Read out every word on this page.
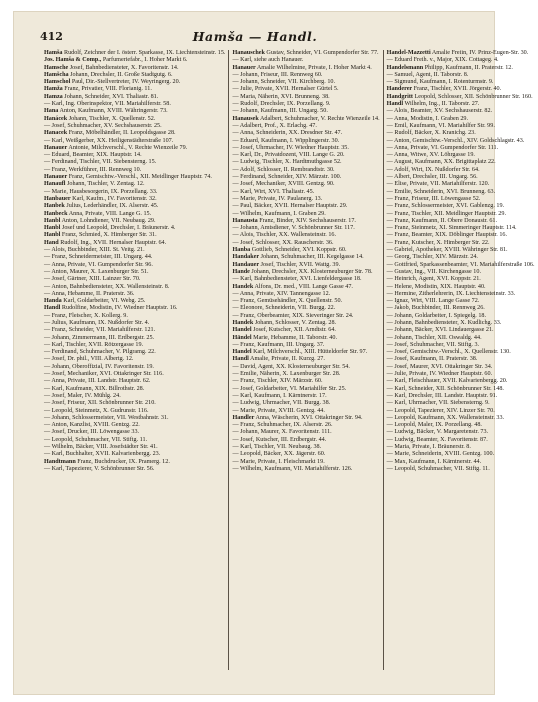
412	Hamša — Handl.

Hamša Rudolf, Zeichner der I. österr. Sparkasse, IX. Liechtensteinstr. 15.

Jos. Hamša & Comp., Parfumeriefabr., I. Hoher Markt 6.

Hamsche Josef, Bahnbediensteter, X. Favoritenstr. 14.

Hamšcha Johann, Drechsler, II. Große Stadtgutg. 6.

Hamschol Paul, Dir.-Stellvertreter, IV. Weyringerg. 20.

Hamža Franz, Privatier, VIII. Florianig. 11.

Hamza Johann, Schneider, XVI. Thaliastr. 81.

— Karl, Ing. Oberinspektor, VII. Mariahilferstr. 58.

Hana Anton, Kaufmann, XVIII. Währingerstr. 73.

Hanácek Johann, Tischler, X. Quellenstr. 52.

— Josef, Schuhmacher, XV. Sechshauserstr. 25.

Hanacek Franz, Möbelhändler, II. Leopoldsgasse 28.

— Karl, Weißgerber, XX. Heiligenstädterstraße 107.

Hanauer Antonie, Milchverschl., V. Rechte Wienzeile 79.

— Eduard, Beamter, XIX. Hauptstr. 14.

— Ferdinand, Tischler, VII. Siebensterng. 15.

— Franz, Werkführer, III. Rennweg 10.

Hanauer Franz, Gemischtw.-Verschl., XII. Meidlinger Hauptstr. 74.

Hanaufl Johann, Tischler, V. Zentag. 12.

— Marie, Hausbesorgerin, IX. Porzellang. 33.

Hanbauer Karl, Kaufm., IV. Favoritenstr. 32.

Hanbek Julius, Lederhändler, IX. Alserstr. 45.

Hanbeck Anna, Private, VIII. Lange G. 15.

Hanbl Anton, Lohndiener, VII. Neubaug. 29.

Hanbl Josef und Leopold, Drechsler, I. Bräunerstr. 4.

Hanbl Franz, Schmied, X. Himberger Str. 31.

Hand Rudolf, Ing., XVII. Hernalser Hauptstr. 64.

— Alois, Buchbinder, XIII. St. Veitg. 21.

— Franz, Schneidermeister, III. Ungarg. 44.

— Anna, Private, VI. Gumpendorfer Str. 96.

— Anton, Maurer, X. Laxenburger Str. 51.

— Josef, Gärtner, XIII. Lainzer Str. 70.

— Anton, Bahnbediensteter, XX. Wallensteinstr. 8.

— Anna, Hebamme, II. Praterstr. 36.

Handa Karl, Goldarbeiter, VI. Webg. 25.

Handl Rudolfine, Modistin, IV. Wiedner Hauptstr. 16.

— Franz, Fleischer, X. Kollerg. 9.

— Julius, Kaufmann, IX. Nußdorfer Str. 4.

— Franz, Schneider, VII. Mariahilferstr. 121.

— Johann, Zimmermann, III. Erdbergstr. 25.

— Karl, Tischler, XVII. Rötzergasse 19.

— Ferdinand, Schuhmacher, V. Pilgramg. 22.

— Josef, Dr. phil., VIII. Albertg. 12.

— Johann, Oberoffizial, IV. Favoritenstr. 19.

— Josef, Mechaniker, XVI. Ottakringer Str. 116.

— Anna, Private, III. Landstr. Hauptstr. 62.

— Karl, Kaufmann, XIX. Billrothstr. 28.

— Josef, Maler, IV. Mühlg. 24.

— Josef, Friseur, XII. Schönbrunner Str. 210.

— Leopold, Steinmetz, X. Gudrunstr. 116.

— Johann, Schlossermeister, VII. Westbahnstr. 31.

— Anton, Kanzlist, XVIII. Gentzg. 22.

— Josef, Drucker, III. Löwengasse 33.

— Leopold, Schuhmacher, VII. Stiftg. 11.

— Wilhelm, Bäcker, VIII. Josefstädter Str. 41.

— Karl, Buchhalter, XVII. Kalvarienbergg. 23.

Handtmann Franz, Buchdrucker, IX. Pramerg. 12.

— Karl, Tapezierer, V. Schönbrunner Str. 56.

Hanauschek Gustav, Schneider, VI. Gumpendorfer Str. 77.

— Karl, siehe auch Hanauer.

Hanauer Amalie Wilhelmine, Private, I. Hoher Markt 4.

— Johann, Friseur, III. Rennweg 60.

— Johann, Schneider, VII. Kirchberg. 10.

— Julie, Private, XVII. Hernalser Gürtel 5.

— Maria, Näherin, XVI. Brunneng. 38.

— Rudolf, Drechsler, IX. Porzellang. 9.

— Johann, Kaufmann, III. Ungarg. 50.

Hanausek Adalbert, Schuhmacher, V. Rechte Wienzeile 14.

— Adalbert, Prof., X. Erlachg. 47.

— Anna, Schneiderin, XX. Dresdner Str. 47.

— Eduard, Kaufmann, I. Wipplingerstr. 30.

— Josef, Uhrmacher, IV. Wiedner Hauptstr. 35.

— Karl, Dr., Privatdozent, VIII. Lange G. 20.

— Ludwig, Tischler, X. Hardtmuthgasse 52.

— Adolf, Schlosser, II. Rembrandtstr. 30.

— Ferdinand, Schneider, XIV. Märzstr. 100.

— Josef, Mechaniker, XVIII. Gentzg. 90.

— Karl, Wirt, XVI. Thaliastr. 45.

— Marie, Private, IV. Paulanerg. 13.

— Paul, Bäcker, XVII. Hernalser Hauptstr. 29.

— Wilhelm, Kaufmann, I. Graben 29.

Hanausta Franz, Binder, XIV. Sechshauserstr. 17.

— Johann, Amtsdiener, V. Schönbrunner Str. 117.

— Alois, Tischler, XX. Wallensteinstr. 16.

— Josef, Schlosser, XX. Rauscherstr. 36.

Hanba Gottlieb, Schneider, XVI. Koppstr. 60.

Handaker Johann, Schuhmacher, III. Kegelgasse 14.

Handauer Josef, Tischler, XVII. Wattg. 39.

Hande Johann, Drechsler, XX. Klosterneuburger Str. 78.

— Karl, Bahnbediensteter, XVI. Lienfeldergasse 18.

Handek Alfons, Dr. med., VIII. Lange Gasse 47.

— Anna, Private, XIV. Tannengasse 12.

— Franz, Gemüsehändler, X. Quellenstr. 50.

— Eleonore, Schneiderin, VII. Burgg. 22.

— Franz, Oberbeamter, XIX. Sieveringer Str. 24.

Handek Johann, Schlosser, V. Zentag. 28.

Handel Josef, Kutscher, XII. Arndtstr. 64.

Händel Marie, Hebamme, II. Taborstr. 40.

— Franz, Kaufmann, III. Ungarg. 37.

Handel Karl, Milchverschl., XIII. Hütteldorfer Str. 97.

Handl Amalie, Private, II. Kurzg. 27.

— David, Agent, XX. Klosterneuburger Str. 54.

— Emilie, Näherin, X. Laxenburger Str. 28.

— Franz, Tischler, XIV. Märzstr. 60.

— Josef, Goldarbeiter, VI. Mariahilfer Str. 25.

— Karl, Kaufmann, I. Kärntnerstr. 17.

— Ludwig, Uhrmacher, VII. Burgg. 38.

— Marie, Private, XVIII. Gentzg. 44.

Handler Anna, Wäscherin, XVI. Ottakringer Str. 94.

— Franz, Schuhmacher, IX. Alserstr. 26.

— Johann, Maurer, X. Favoritenstr. 111.

— Josef, Kutscher, III. Erdbergstr. 44.

— Karl, Tischler, VII. Neubaug. 38.

— Leopold, Bäcker, XX. Jägerstr. 60.

— Marie, Private, I. Fleischmarkt 19.

— Wilhelm, Kaufmann, VII. Mariahilferstr. 126.

Handel-Mazzetti Amalie Freiin, IV. Prinz-Eugen-Str. 30.

— Eduard Freih. v., Major, XIX. Cottageg. 4.

Handelsmann Philipp, Kaufmann, II. Praterstr. 12.

— Samuel, Agent, II. Taborstr. 8.

— Sigmund, Kaufmann, I. Rotenturmstr. 9.

Handerer Franz, Tischler, XVII. Jörgerstr. 40.

Handgritt Leopold, Schlosser, XII. Schönbrunner Str. 160.

Handl Wilhelm, Ing., II. Taborstr. 27.

— Alois, Beamter, XV. Sechshauserstr. 82.

— Anna, Modistin, I. Graben 29.

— Emil, Kaufmann, VI. Mariahilfer Str. 99.

— Rudolf, Bäcker, X. Kranichg. 23.

— Anton, Gemischtw.-Verschl., XIV. Goldschlagstr. 43.

— Anna, Private, VI. Gumpendorfer Str. 111.

— Anna, Witwe, XV. Löhrgasse 19.

— August, Kaufmann, XX. Brigittaplatz 22.

— Adolf, Wirt, IX. Nußdorfer Str. 64.

— Albert, Drechsler, III. Ungarg. 56.

— Elise, Private, VII. Mariahilferstr. 120.

— Emilie, Schneiderin, XVI. Brunneng. 63.

— Franz, Friseur, III. Löwengasse 52.

— Franz, Schlossermeister, XVI. Gablenzg. 19.

— Franz, Tischler, XII. Meidlinger Hauptstr. 29.

— Franz, Kaufmann, II. Obere Donaustr. 61.

— Franz, Steinmetz, XI. Simmeringer Hauptstr. 114.

— Franz, Beamter, XIX. Döblinger Hauptstr. 16.

— Franz, Kutscher, X. Himberger Str. 22.

— Gabriel, Apotheker, XVIII. Währinger Str. 81.

— Georg, Tischler, XIV. Märzstr. 24.

— Gottfried, Sparkassenbeamter, VI. Mariahilferstraße 106.

— Gustav, Ing., VII. Kirchengasse 10.

— Heinrich, Agent, XVI. Koppstr. 21.

— Helene, Modistin, XIX. Hauptstr. 40.

— Hermine, Zitherlehrerin, IX. Liechtensteinstr. 33.

— Ignaz, Wirt, VIII. Lange Gasse 72.

— Jakob, Buchbinder, III. Rennweg 26.

— Johann, Goldarbeiter, I. Spiegelg. 18.

— Johann, Bahnbediensteter, X. Kudlichg. 33.

— Johann, Bäcker, XVI. Lindauergasse 21.

— Johann, Tischler, XII. Oswaldg. 44.

— Josef, Schuhmacher, VII. Stiftg. 3.

— Josef, Gemischtw.-Verschl., X. Quellenstr. 130.

— Josef, Kaufmann, II. Praterstr. 38.

— Josef, Maurer, XVI. Ottakringer Str. 34.

— Julie, Private, IV. Wiedner Hauptstr. 60.

— Karl, Fleischhauer, XVII. Kalvarienbergg. 20.

— Karl, Schneider, XII. Schönbrunner Str. 148.

— Karl, Drechsler, III. Landstr. Hauptstr. 91.

— Karl, Uhrmacher, VII. Siebensterng. 9.

— Leopold, Tapezierer, XIV. Linzer Str. 70.

— Leopold, Kaufmann, XX. Wallensteinstr. 33.

— Leopold, Maler, IX. Porzellang. 48.

— Ludwig, Bäcker, V. Margaretenstr. 73.

— Ludwig, Beamter, X. Favoritenstr. 87.

— Maria, Private, I. Bräunerstr. 8.

— Marie, Schneiderin, XVIII. Gentzg. 100.

— Max, Kaufmann, I. Kärntnerstr. 44.

— Leopold, Schuhmacher, VII. Stiftg. 11.
